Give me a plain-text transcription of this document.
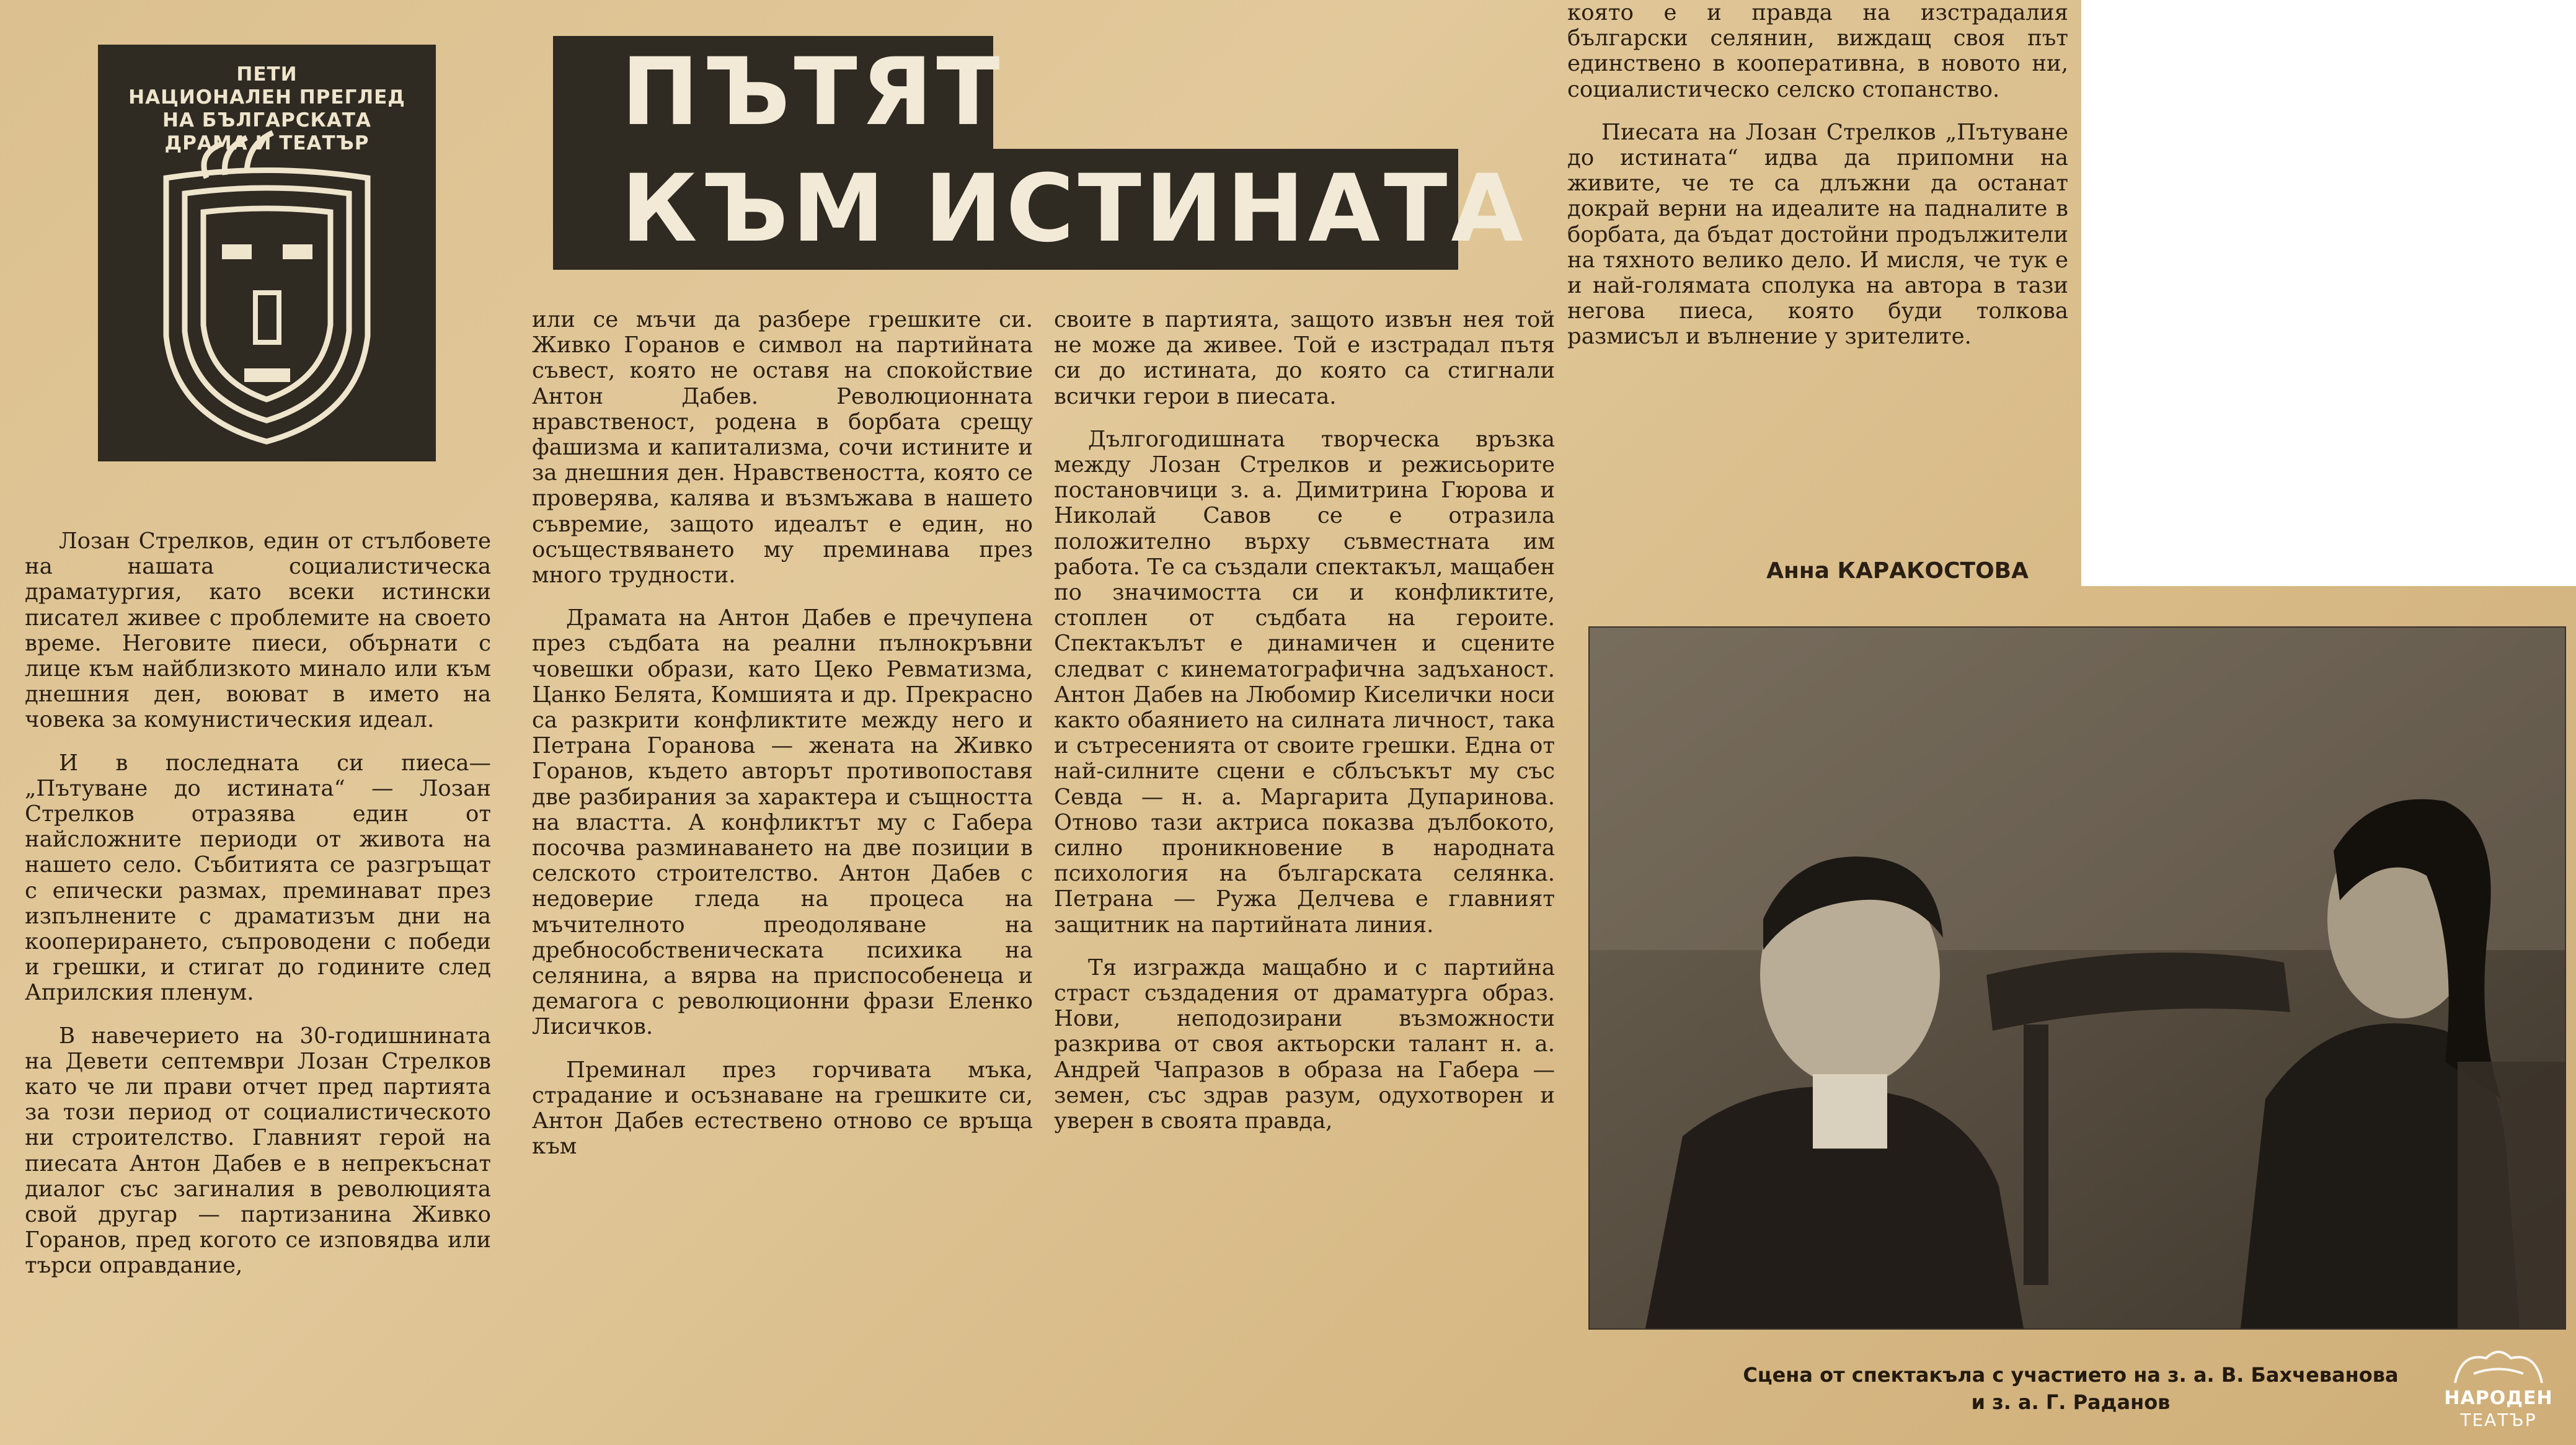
ПЕТИ
НАЦИОНАЛЕН ПРЕГЛЕД
НА БЪЛГАРСКАТА
ДРАМА И ТЕАТЪР	ПЪТЯТ
КЪМ ИСТИНАТА

Лозан Стрелков, един от стълбовете на нашата социалистическа драматургия, като всеки истински писател живее с проблемите на своето време. Неговите пиеси, обърнати с лице към найблизкото минало или към днешния ден, воюват в името на човека за комунистическия идеал.

И в последната си пиеса—„Пътуване до истината“ — Лозан Стрелков отразява един от найсложните периоди от живота на нашето село. Събитията се разгръщат с епически размах, преминават през изпълнените с драматизъм дни на кооперирането, съпроводени с победи и грешки, и стигат до годините след Априлския пленум.

В навечерието на 30-годишнината на Девети септември Лозан Стрелков като че ли прави отчет пред партията за този период от социалистическото ни строителство. Главният герой на пиесата Антон Дабев е в непрекъснат диалог със загиналия в революцията свой другар — партизанина Живко Горанов, пред когото се изповядва или търси оправдание,

или се мъчи да разбере грешките си. Живко Горанов е символ на партийната съвест, която не оставя на спокойствие Антон Дабев. Революционната нравственост, родена в борбата срещу фашизма и капитализма, сочи истините и за днешния ден. Нравствеността, която се проверява, калява и възмъжава в нашето съвремие, защото идеалът е един, но осъществяването му преминава през много трудности.

Драмата на Антон Дабев е пречупена през съдбата на реални пълнокръвни човешки образи, като Цеко Ревматизма, Цанко Белята, Комшията и др. Прекрасно са разкрити конфликтите между него и Петрана Горанова — жената на Живко Горанов, където авторът противопоставя две разбирания за характера и същността на властта. А конфликтът му с Габера посочва разминаването на две позиции в селското строителство. Антон Дабев с недоверие гледа на процеса на мъчителното преодоляване на дребнособственическата психика на селянина, а вярва на приспособенеца и демагога с революционни фрази Еленко Лисичков.

Преминал през горчивата мъка, страдание и осъзнаване на грешките си, Антон Дабев естествено отново се връща към

своите в партията, защото извън нея той не може да живее. Той е изстрадал пътя си до истината, до която са стигнали всички герои в пиесата.

Дългогодишната творческа връзка между Лозан Стрелков и режисьорите постановчици з. а. Димитрина Гюрова и Николай Савов се е отразила положително върху съвместната им работа. Те са създали спектакъл, мащабен по значимостта си и конфликтите, стоплен от съдбата на героите. Спектакълът е динамичен и сцените следват с кинематографична задъханост. Антон Дабев на Любомир Киселички носи както обаянието на силната личност, така и сътресенията от своите грешки. Една от най-силните сцени е сблъсъкът му със Севда — н. а. Маргарита Дупаринова. Отново тази актриса показва дълбокото, силно проникновение в народната психология на българската селянка. Петрана — Ружа Делчева е главният защитник на партийната линия.

Тя изгражда мащабно и с партийна страст създадения от драматурга образ. Нови, неподозирани възможности разкрива от своя актьорски талант н. а. Андрей Чапразов в образа на Габера — земен, със здрав разум, одухотворен и уверен в своята правда,

която е и правда на изстрадалия български селянин, виждащ своя път единствено в кооперативна, в новото ни, социалистическо селско стопанство.

Пиесата на Лозан Стрелков „Пътуване до истината“ идва да припомни на живите, че те са длъжни да останат докрай верни на идеалите на падналите в борбата, да бъдат достойни продължители на тяхното велико дело. И мисля, че тук е и най-голямата сполука на автора в тази негова пиеса, която буди толкова размисъл и вълнение у зрителите.

Анна КАРАКОСТОВА
Сцена от спектакъла с участието на з. а. В. Бахчеванова
и з. а. Г. Раданов	НАРОДЕН
ТЕАТЪР
